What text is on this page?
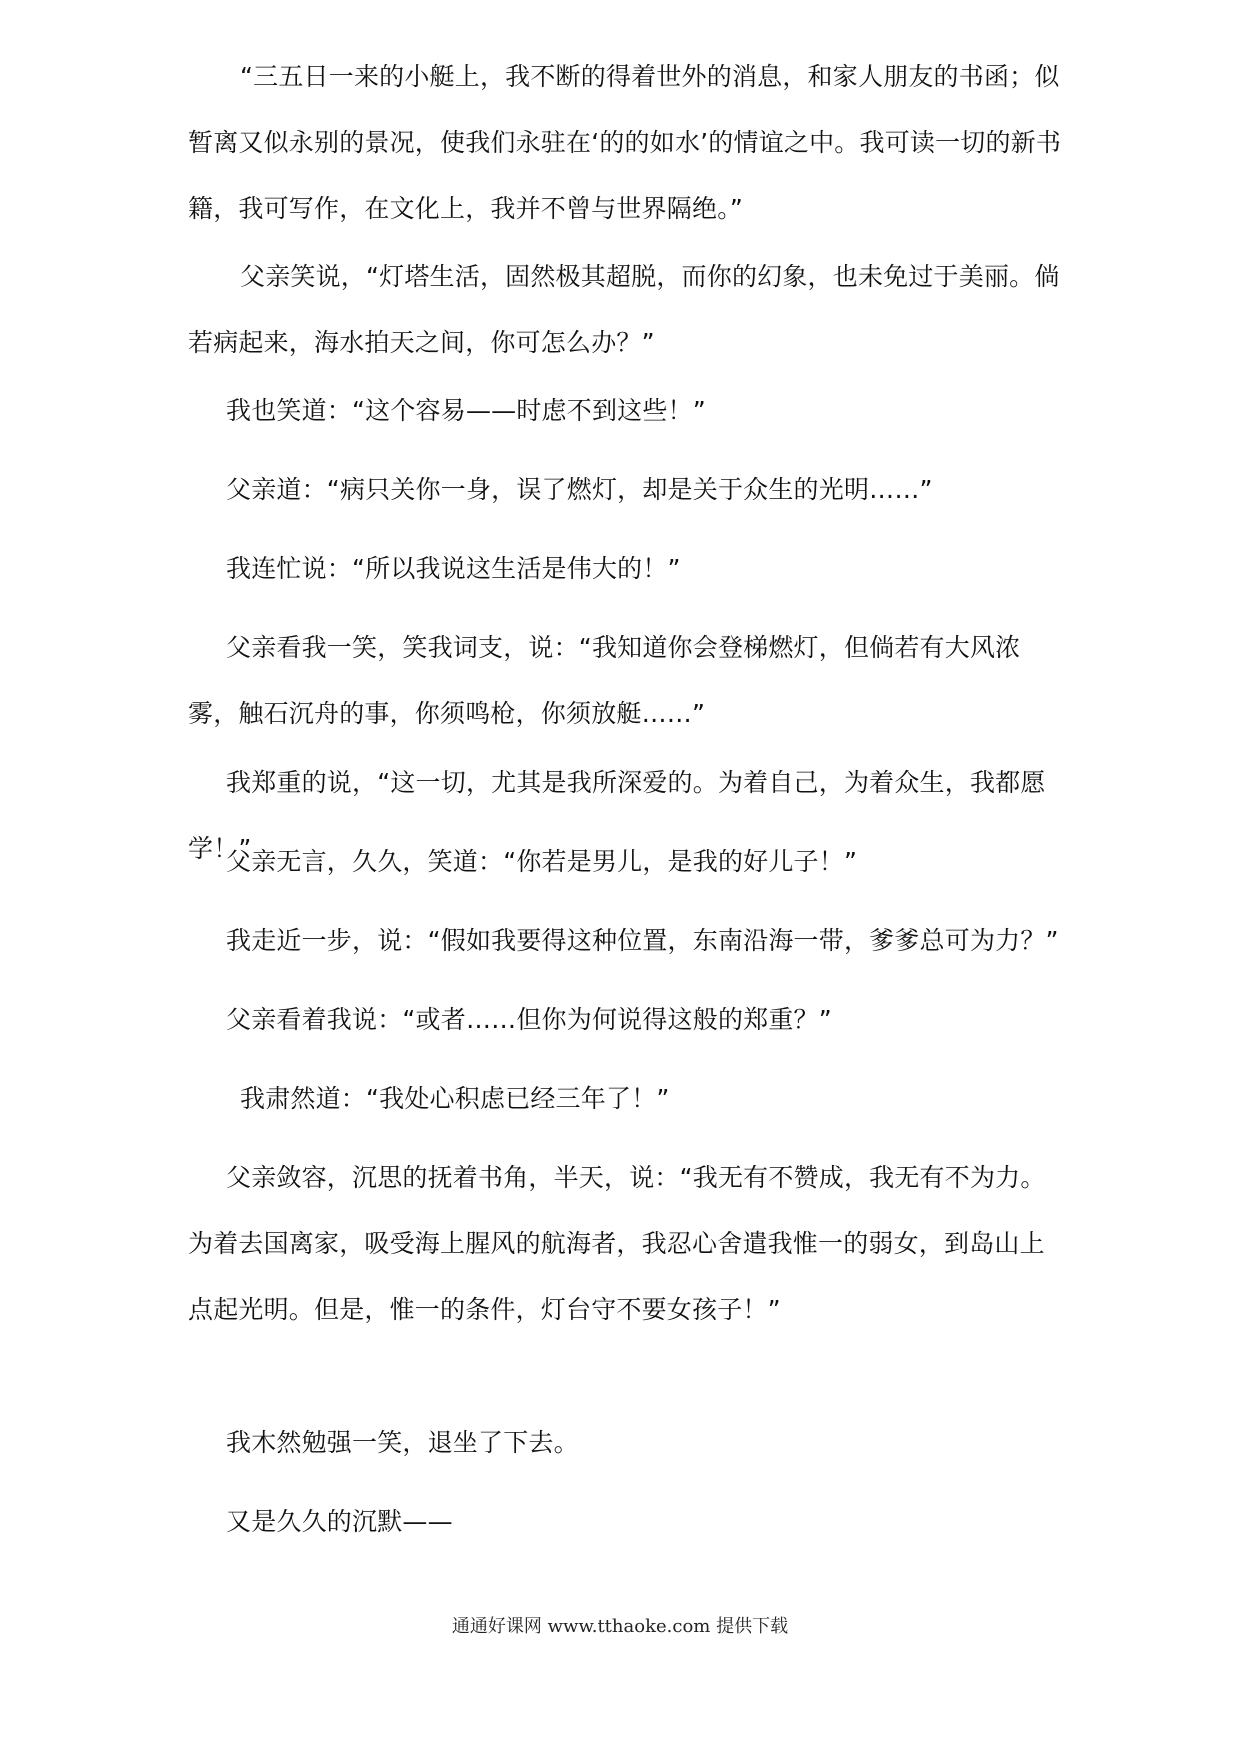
“三五日一来的小艇上，我不断的得着世外的消息，和家人朋友的书函；似暂离又似永别的景况，使我们永驻在‘的的如水’的情谊之中。我可读一切的新书籍，我可写作，在文化上，我并不曾与世界隔绝。”

父亲笑说，“灯塔生活，固然极其超脱，而你的幻象，也未免过于美丽。倘若病起来，海水拍天之间，你可怎么办？”

我也笑道：“这个容易——时虑不到这些！”

父亲道：“病只关你一身，误了燃灯，却是关于众生的光明……”

我连忙说：“所以我说这生活是伟大的！”

父亲看我一笑，笑我词支，说：“我知道你会登梯燃灯，但倘若有大风浓雾，触石沉舟的事，你须鸣枪，你须放艇……”

我郑重的说，“这一切，尤其是我所深爱的。为着自己，为着众生，我都愿学！”

父亲无言，久久，笑道：“你若是男儿，是我的好儿子！”

我走近一步，说：“假如我要得这种位置，东南沿海一带，爹爹总可为力？”

父亲看着我说：“或者……但你为何说得这般的郑重？”

我肃然道：“我处心积虑已经三年了！”

父亲敛容，沉思的抚着书角，半天，说：“我无有不赞成，我无有不为力。为着去国离家，吸受海上腥风的航海者，我忍心舍遣我惟一的弱女，到岛山上点起光明。但是，惟一的条件，灯台守不要女孩子！”

我木然勉强一笑，退坐了下去。

又是久久的沉默——

通通好课网 www.tthaoke.com 提供下载
